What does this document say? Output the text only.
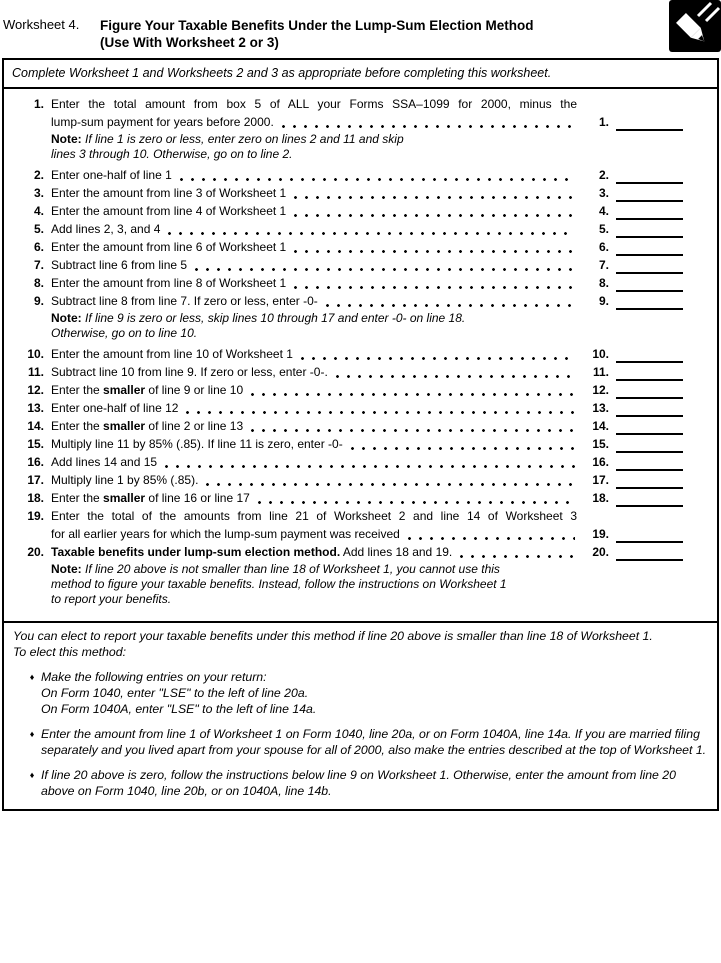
Worksheet 4. Figure Your Taxable Benefits Under the Lump-Sum Election Method
(Use With Worksheet 2 or 3)
Complete Worksheet 1 and Worksheets 2 and 3 as appropriate before completing this worksheet.
1. Enter the total amount from box 5 of ALL your Forms SSA–1099 for 2000, minus the
lump-sum payment for years before 2000.	1.
Note: If line 1 is zero or less, enter zero on lines 2 and 11 and skip
lines 3 through 10. Otherwise, go on to line 2.
2. Enter one-half of line 1	2.
3. Enter the amount from line 3 of Worksheet 1	3.
4. Enter the amount from line 4 of Worksheet 1	4.
5. Add lines 2, 3, and 4	5.
6. Enter the amount from line 6 of Worksheet 1	6.
7. Subtract line 6 from line 5	7.
8. Enter the amount from line 8 of Worksheet 1	8.
9. Subtract line 8 from line 7. If zero or less, enter -0-	9.
Note: If line 9 is zero or less, skip lines 10 through 17 and enter -0- on line 18.
Otherwise, go on to line 10.
10. Enter the amount from line 10 of Worksheet 1	10.
11. Subtract line 10 from line 9. If zero or less, enter -0-.	11.
12. Enter the smaller of line 9 or line 10	12.
13. Enter one-half of line 12	13.
14. Enter the smaller of line 2 or line 13	14.
15. Multiply line 11 by 85% (.85). If line 11 is zero, enter -0-	15.
16. Add lines 14 and 15	16.
17. Multiply line 1 by 85% (.85).	17.
18. Enter the smaller of line 16 or line 17	18.
19. Enter the total of the amounts from line 21 of Worksheet 2 and line 14 of Worksheet 3
for all earlier years for which the lump-sum payment was received	19.
20. Taxable benefits under lump-sum election method. Add lines 18 and 19.	20.
Note: If line 20 above is not smaller than line 18 of Worksheet 1, you cannot use this
method to figure your taxable benefits. Instead, follow the instructions on Worksheet 1
to report your benefits.
You can elect to report your taxable benefits under this method if line 20 above is smaller than line 18 of Worksheet 1.
To elect this method:
♦ Make the following entries on your return:
On Form 1040, enter "LSE" to the left of line 20a.
On Form 1040A, enter "LSE" to the left of line 14a.
♦ Enter the amount from line 1 of Worksheet 1 on Form 1040, line 20a, or on Form 1040A, line 14a. If you are married filing separately and you lived apart from your spouse for all of 2000, also make the entries described at the top of Worksheet 1.
♦ If line 20 above is zero, follow the instructions below line 9 on Worksheet 1. Otherwise, enter the amount from line 20 above on Form 1040, line 20b, or on 1040A, line 14b.
